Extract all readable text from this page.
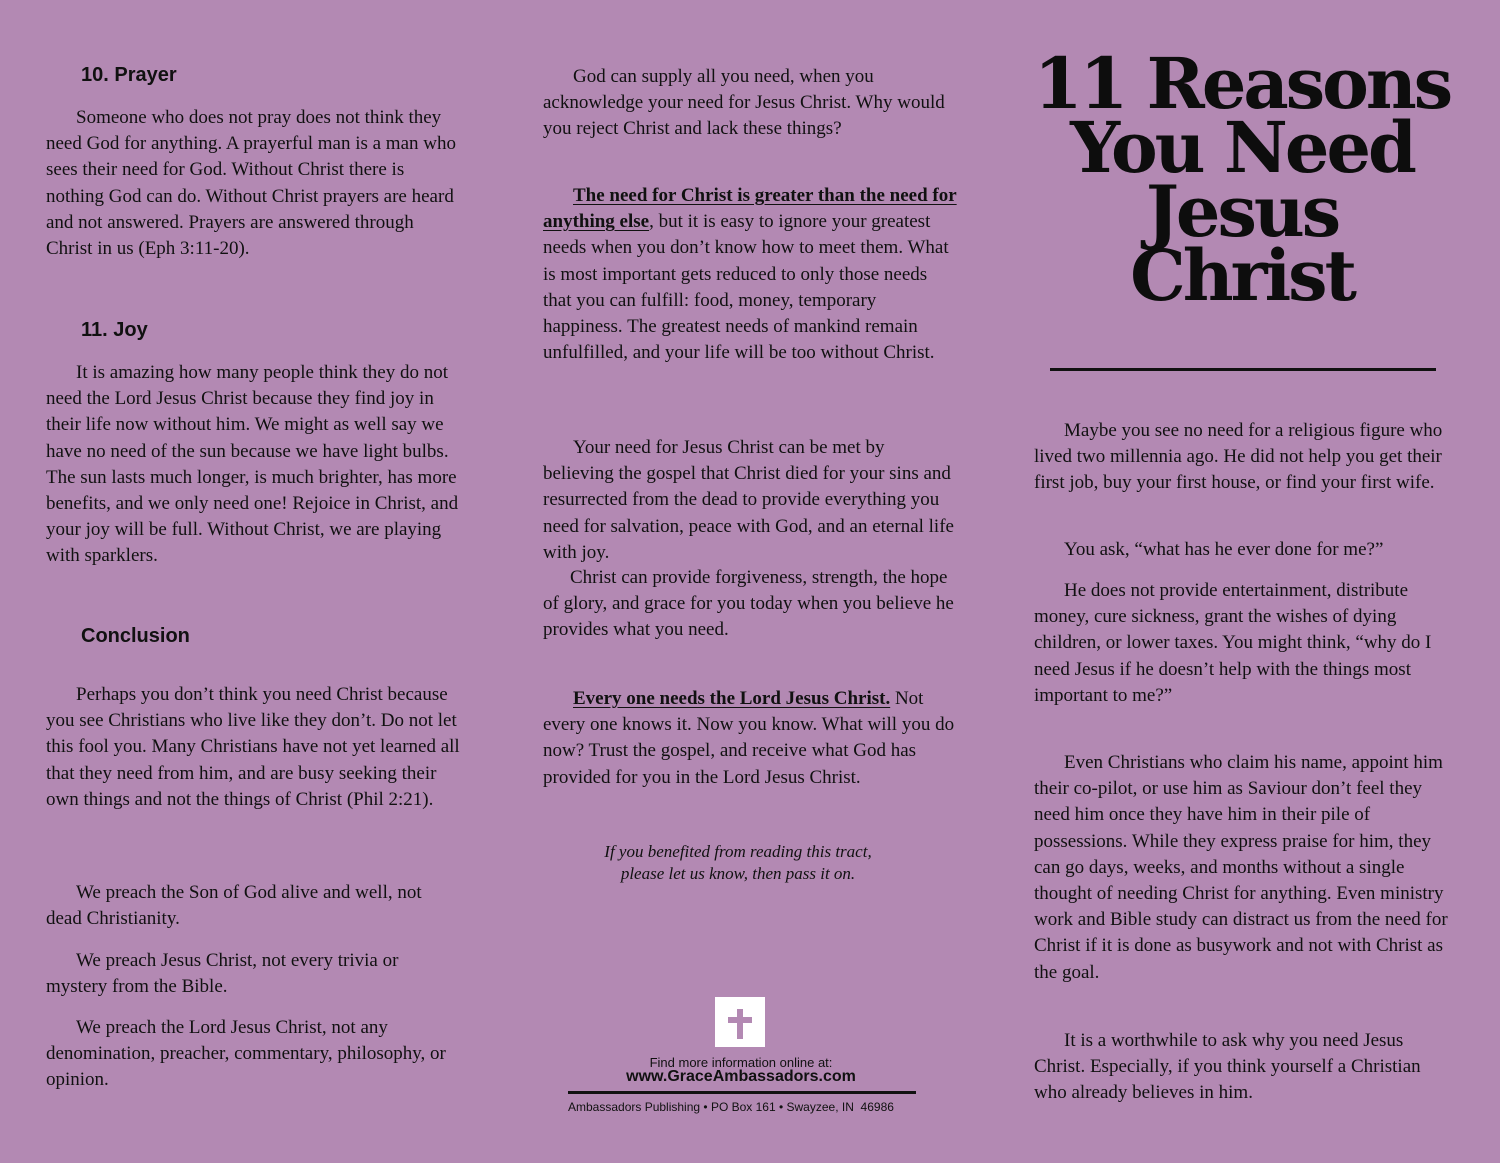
10. Prayer

Someone who does not pray does not think they need God for anything. A prayerful man is a man who sees their need for God. Without Christ there is nothing God can do. Without Christ prayers are heard and not answered. Prayers are answered through Christ in us (Eph 3:11-20).

11. Joy

It is amazing how many people think they do not need the Lord Jesus Christ because they find joy in their life now without him. We might as well say we have no need of the sun because we have light bulbs. The sun lasts much longer, is much brighter, has more benefits, and we only need one! Rejoice in Christ, and your joy will be full. Without Christ, we are playing with sparklers.

Conclusion

Perhaps you don’t think you need Christ because you see Christians who live like they don’t. Do not let this fool you. Many Christians have not yet learned all that they need from him, and are busy seeking their own things and not the things of Christ (Phil 2:21).

We preach the Son of God alive and well, not dead Christianity.

We preach Jesus Christ, not every trivia or mystery from the Bible.

We preach the Lord Jesus Christ, not any denomination, preacher, commentary, philosophy, or opinion.

God can supply all you need, when you acknowledge your need for Jesus Christ. Why would you reject Christ and lack these things?

The need for Christ is greater than the need for anything else, but it is easy to ignore your greatest needs when you don’t know how to meet them. What is most important gets reduced to only those needs that you can fulfill: food, money, temporary happiness. The greatest needs of mankind remain unfulfilled, and your life will be too without Christ.

Your need for Jesus Christ can be met by believing the gospel that Christ died for your sins and resurrected from the dead to provide everything you need for salvation, peace with God, and an eternal life with joy.

Christ can provide forgiveness, strength, the hope of glory, and grace for you today when you believe he provides what you need.

Every one needs the Lord Jesus Christ. Not every one knows it. Now you know. What will you do now? Trust the gospel, and receive what God has provided for you in the Lord Jesus Christ.

If you benefited from reading this tract,
please let us know, then pass it on.

Find more information online at:

www.GraceAmbassadors.com

Ambassadors Publishing • PO Box 161 • Swayzee, IN  46986

11 Reasons
You Need
Jesus
Christ

Maybe you see no need for a religious figure who lived two millennia ago. He did not help you get their first job, buy your first house, or find your first wife.

You ask, “what has he ever done for me?”

He does not provide entertainment, distribute money, cure sickness, grant the wishes of dying children, or lower taxes. You might think, “why do I need Jesus if he doesn’t help with the things most important to me?”

Even Christians who claim his name, appoint him their co-pilot, or use him as Saviour don’t feel they need him once they have him in their pile of possessions. While they express praise for him, they can go days, weeks, and months without a single thought of needing Christ for anything. Even ministry work and Bible study can distract us from the need for Christ if it is done as busywork and not with Christ as the goal.

It is a worthwhile to ask why you need Jesus Christ. Especially, if you think yourself a Christian who already believes in him.
